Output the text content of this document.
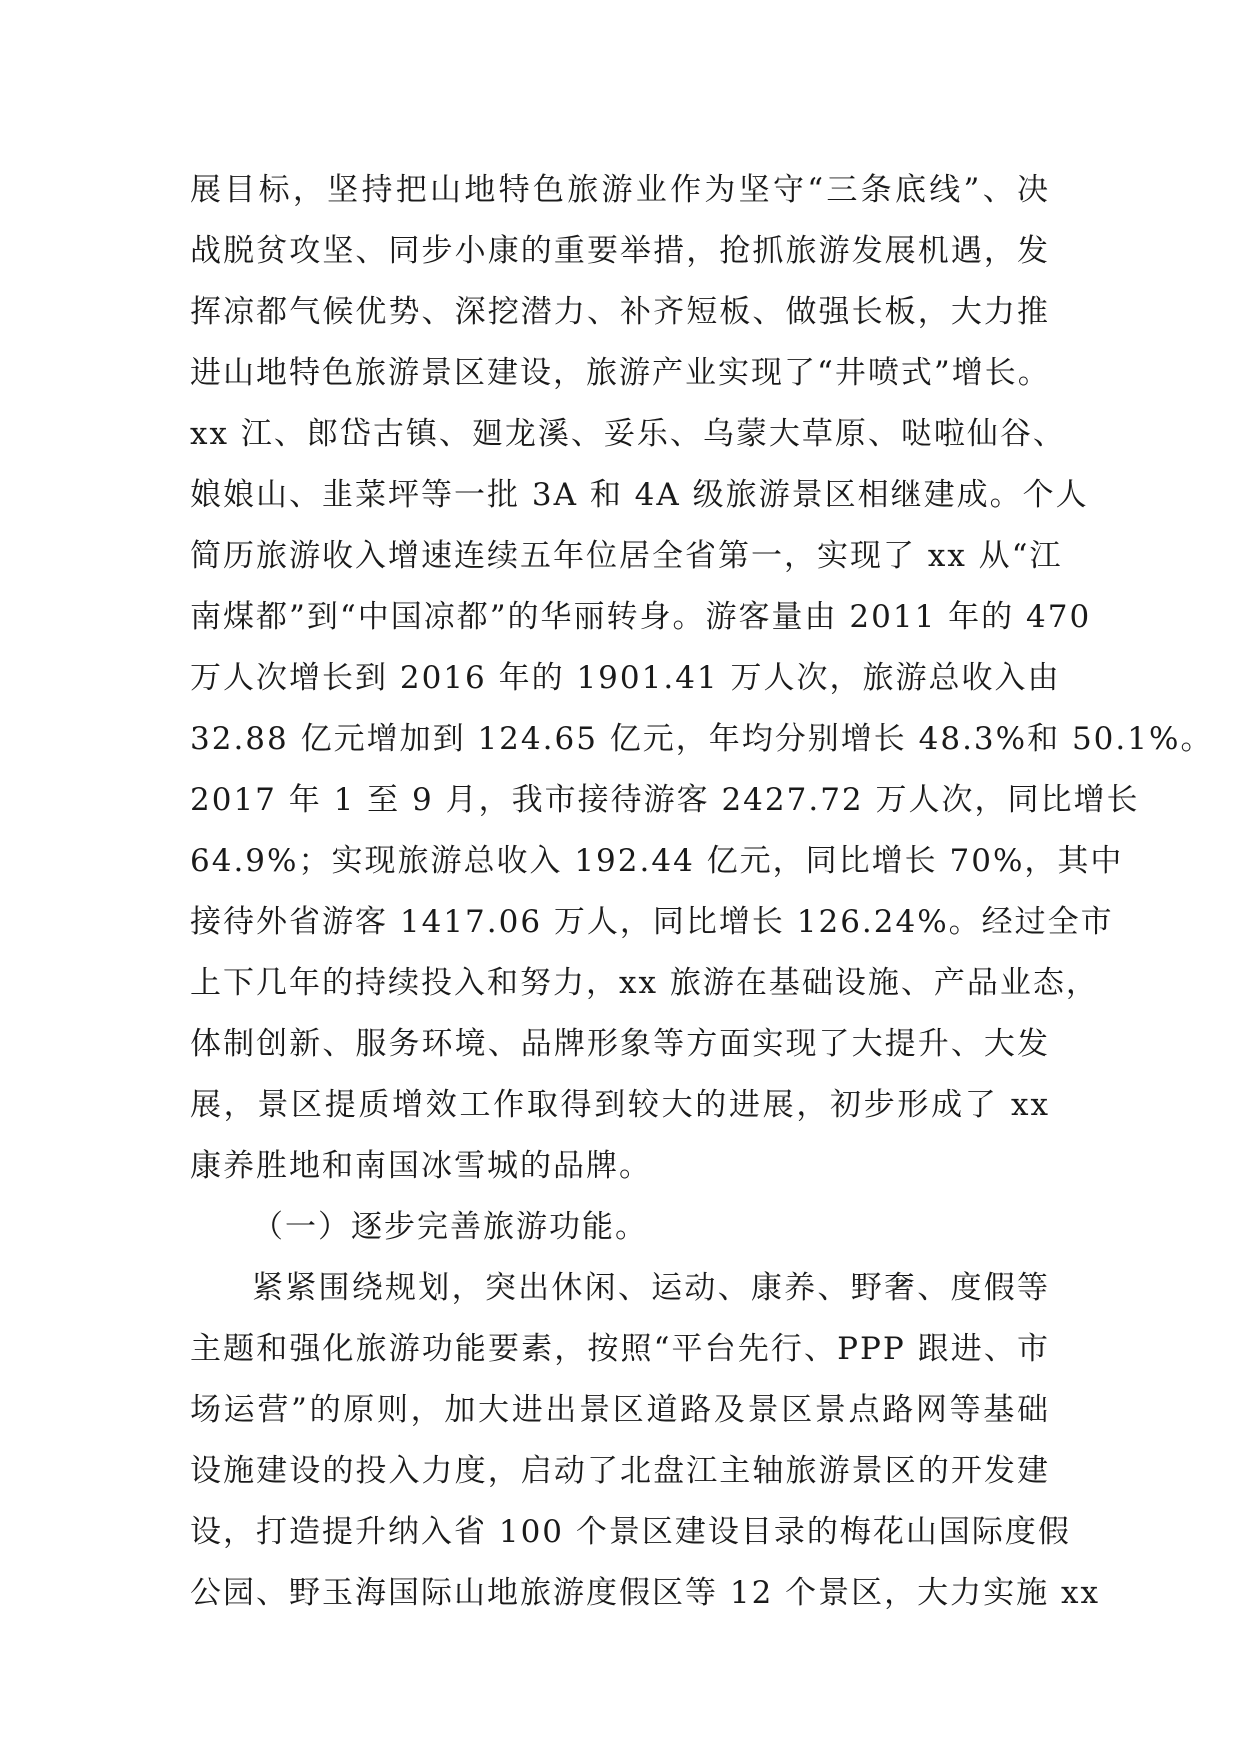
展目标，坚持把山地特色旅游业作为坚守“三条底线”、决
战脱贫攻坚、同步小康的重要举措，抢抓旅游发展机遇，发
挥凉都气候优势、深挖潜力、补齐短板、做强长板，大力推
进山地特色旅游景区建设，旅游产业实现了“井喷式”增长。
xx 江、郎岱古镇、廻龙溪、妥乐、乌蒙大草原、哒啦仙谷、
娘娘山、韭菜坪等一批 3A 和 4A 级旅游景区相继建成。个人
简历旅游收入增速连续五年位居全省第一，实现了 xx 从“江
南煤都”到“中国凉都”的华丽转身。游客量由 2011 年的 470
万人次增长到 2016 年的 1901.41 万人次，旅游总收入由
32.88 亿元增加到 124.65 亿元，年均分别增长 48.3%和 50.1%。
2017 年 1 至 9 月，我市接待游客 2427.72 万人次，同比增长
64.9%；实现旅游总收入 192.44 亿元，同比增长 70%，其中
接待外省游客 1417.06 万人，同比增长 126.24%。经过全市
上下几年的持续投入和努力，xx 旅游在基础设施、产品业态，
体制创新、服务环境、品牌形象等方面实现了大提升、大发
展，景区提质增效工作取得到较大的进展，初步形成了 xx
康养胜地和南国冰雪城的品牌。
（一）逐步完善旅游功能。
紧紧围绕规划，突出休闲、运动、康养、野奢、度假等
主题和强化旅游功能要素，按照“平台先行、PPP 跟进、市
场运营”的原则，加大进出景区道路及景区景点路网等基础
设施建设的投入力度，启动了北盘江主轴旅游景区的开发建
设，打造提升纳入省 100 个景区建设目录的梅花山国际度假
公园、野玉海国际山地旅游度假区等 12 个景区，大力实施 xx
